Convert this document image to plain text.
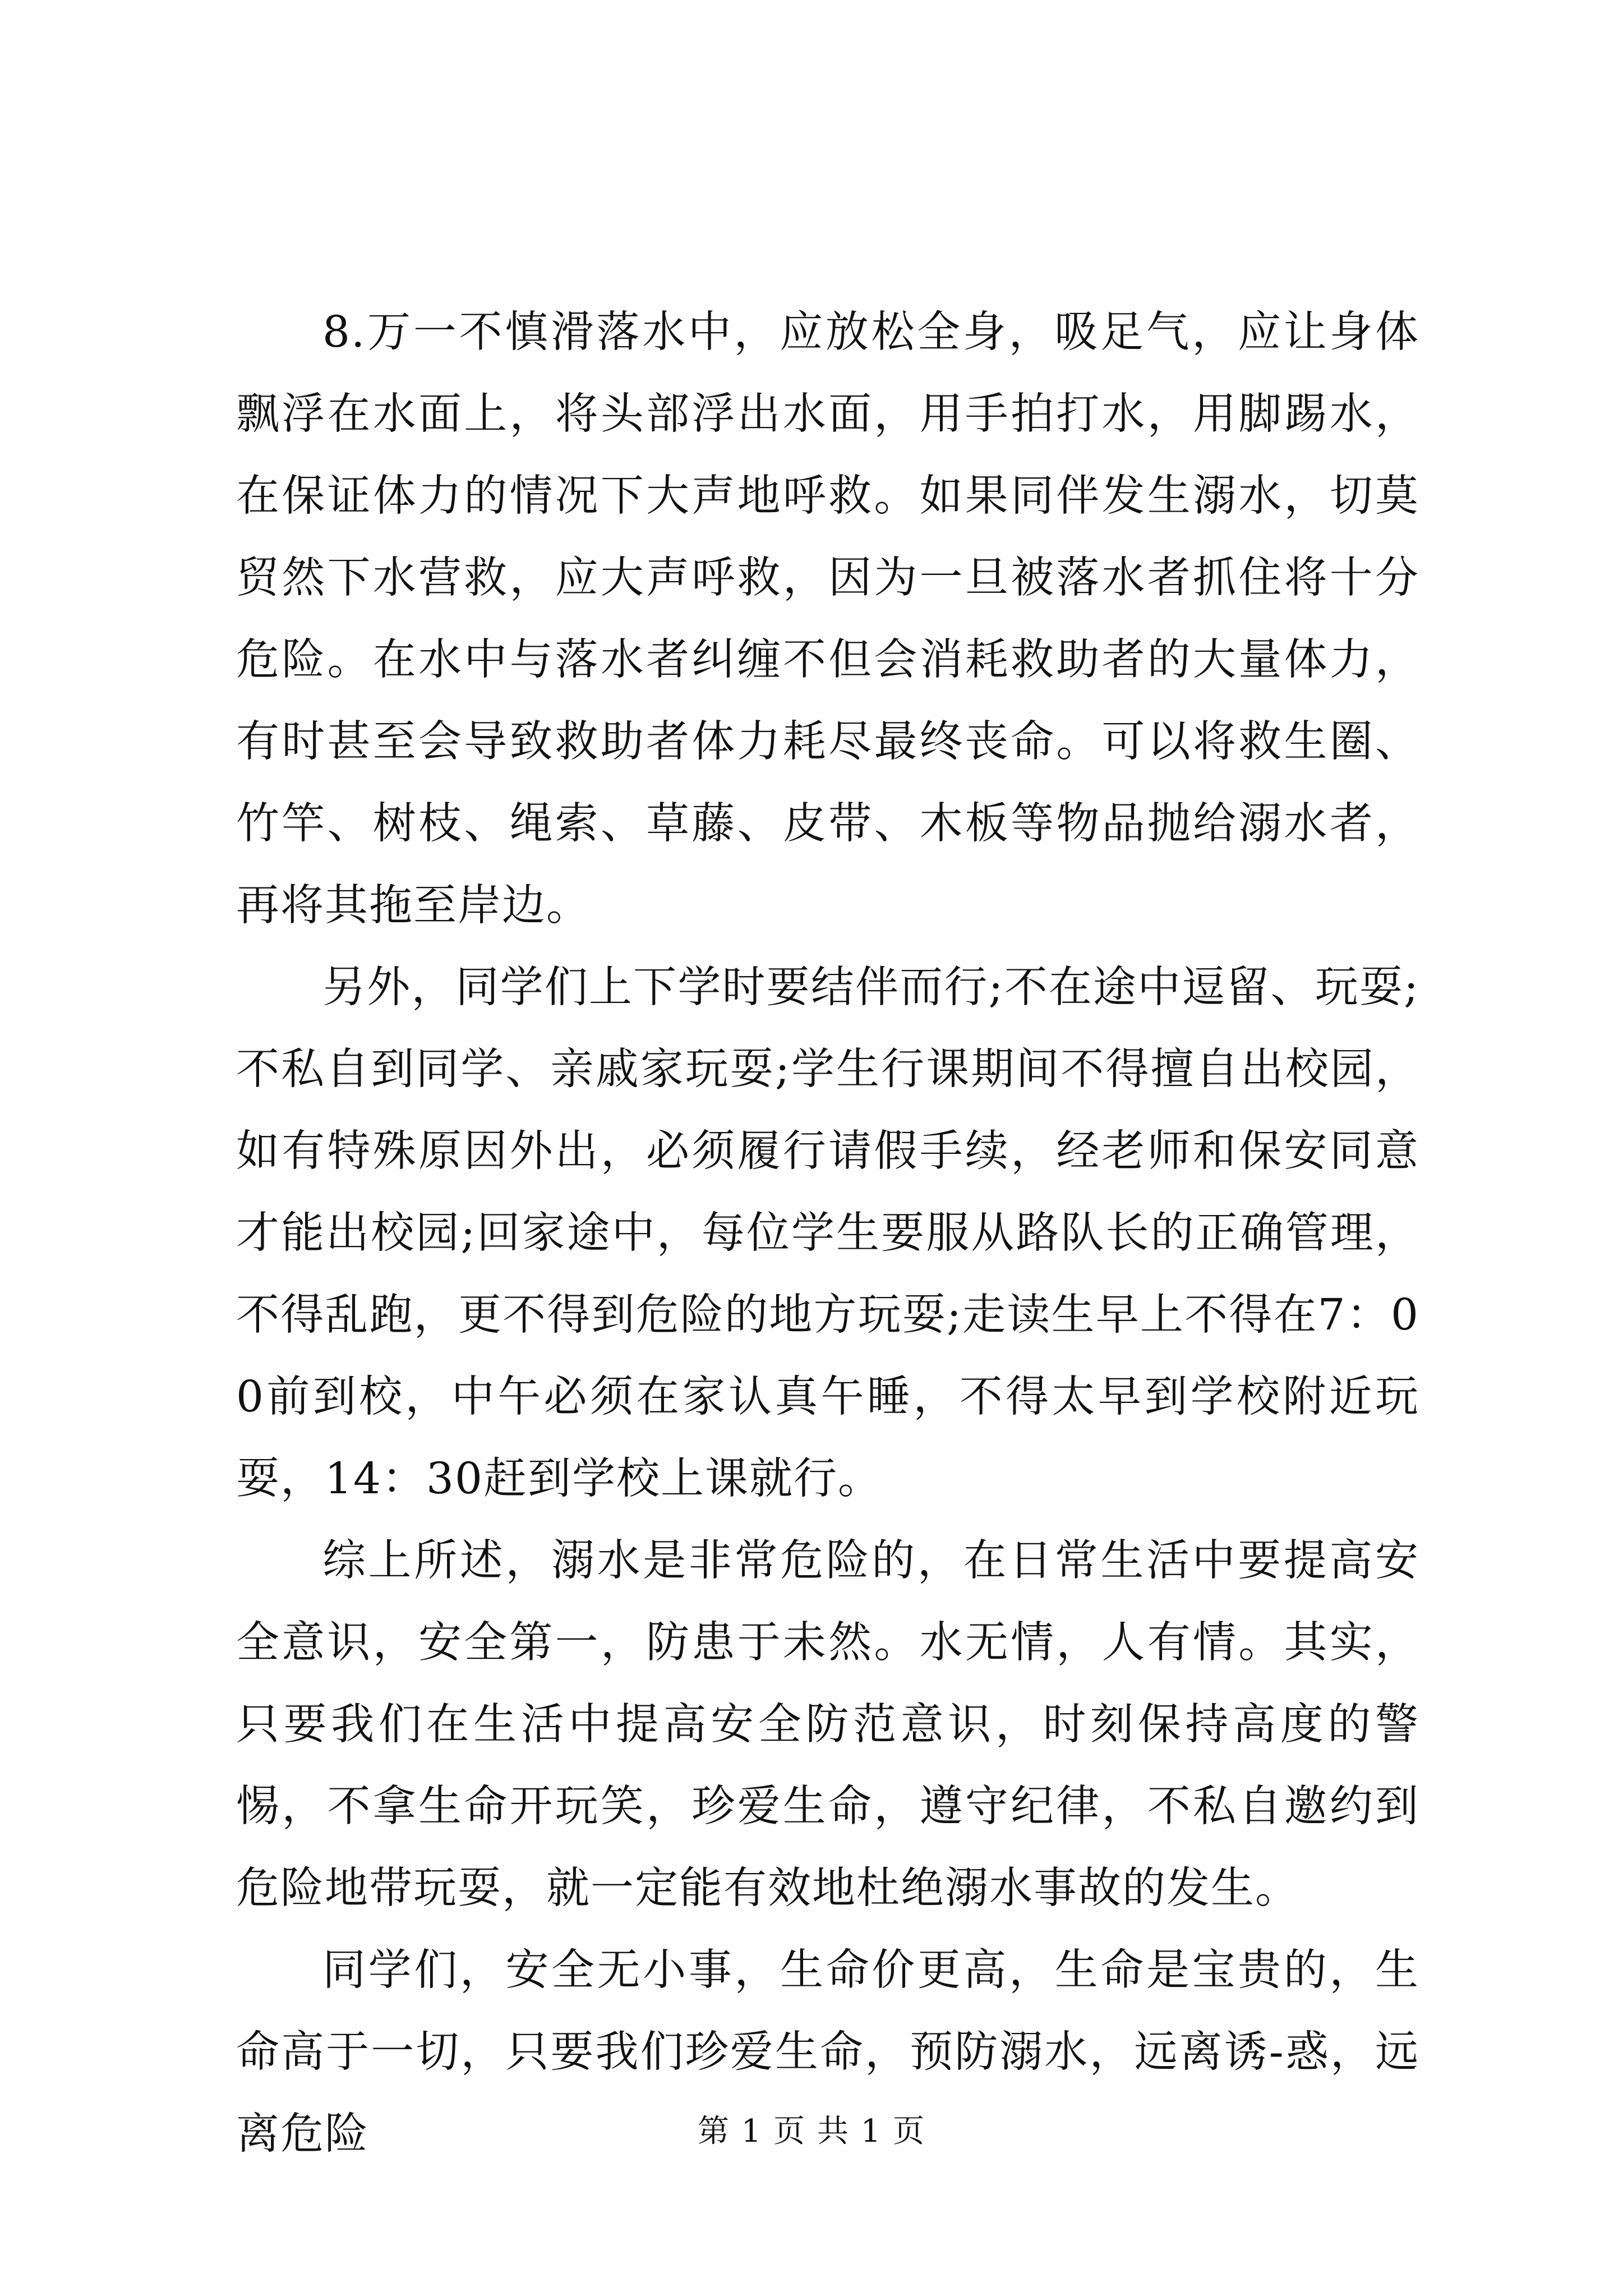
8.万一不慎滑落水中，应放松全身，吸足气，应让身体飘浮在水面上，将头部浮出水面，用手拍打水，用脚踢水，在保证体力的情况下大声地呼救。如果同伴发生溺水，切莫贸然下水营救，应大声呼救，因为一旦被落水者抓住将十分危险。在水中与落水者纠缠不但会消耗救助者的大量体力，有时甚至会导致救助者体力耗尽最终丧命。可以将救生圈、竹竿、树枝、绳索、草藤、皮带、木板等物品抛给溺水者，再将其拖至岸边。

另外，同学们上下学时要结伴而行;不在途中逗留、玩耍;不私自到同学、亲戚家玩耍;学生行课期间不得擅自出校园，如有特殊原因外出，必须履行请假手续，经老师和保安同意才能出校园;回家途中，每位学生要服从路队长的正确管理，不得乱跑，更不得到危险的地方玩耍;走读生早上不得在7：00前到校，中午必须在家认真午睡，不得太早到学校附近玩耍，14：30赶到学校上课就行。

综上所述，溺水是非常危险的，在日常生活中要提高安全意识，安全第一，防患于未然。水无情，人有情。其实，只要我们在生活中提高安全防范意识，时刻保持高度的警惕，不拿生命开玩笑，珍爱生命，遵守纪律，不私自邀约到危险地带玩耍，就一定能有效地杜绝溺水事故的发生。

同学们，安全无小事，生命价更高，生命是宝贵的，生命高于一切，只要我们珍爱生命，预防溺水，远离诱-惑，远离危险	第 1 页 共 1 页
